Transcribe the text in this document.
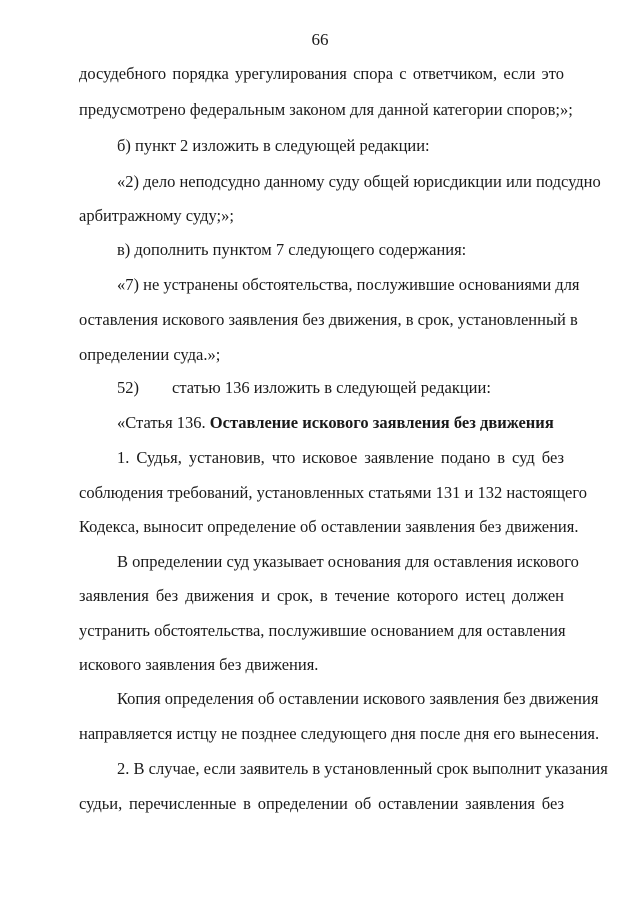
66
досудебного порядка урегулирования спора с ответчиком, если это
предусмотрено федеральным законом для данной категории споров;»;
б) пункт 2 изложить в следующей редакции:
«2) дело неподсудно данному суду общей юрисдикции или подсудно
арбитражному суду;»;
в) дополнить пунктом 7 следующего содержания:
«7) не устранены обстоятельства, послужившие основаниями для
оставления искового заявления без движения, в срок, установленный в
определении суда.»;
52) статью 136 изложить в следующей редакции:
«Статья 136. Оставление искового заявления без движения
1. Судья, установив, что исковое заявление подано в суд без
соблюдения требований, установленных статьями 131 и 132 настоящего
Кодекса, выносит определение об оставлении заявления без движения.
В определении суд указывает основания для оставления искового
заявления без движения и срок, в течение которого истец должен
устранить обстоятельства, послужившие основанием для оставления
искового заявления без движения.
Копия определения об оставлении искового заявления без движения
направляется истцу не позднее следующего дня после дня его вынесения.
2. В случае, если заявитель в установленный срок выполнит указания
судьи, перечисленные в определении об оставлении заявления без
